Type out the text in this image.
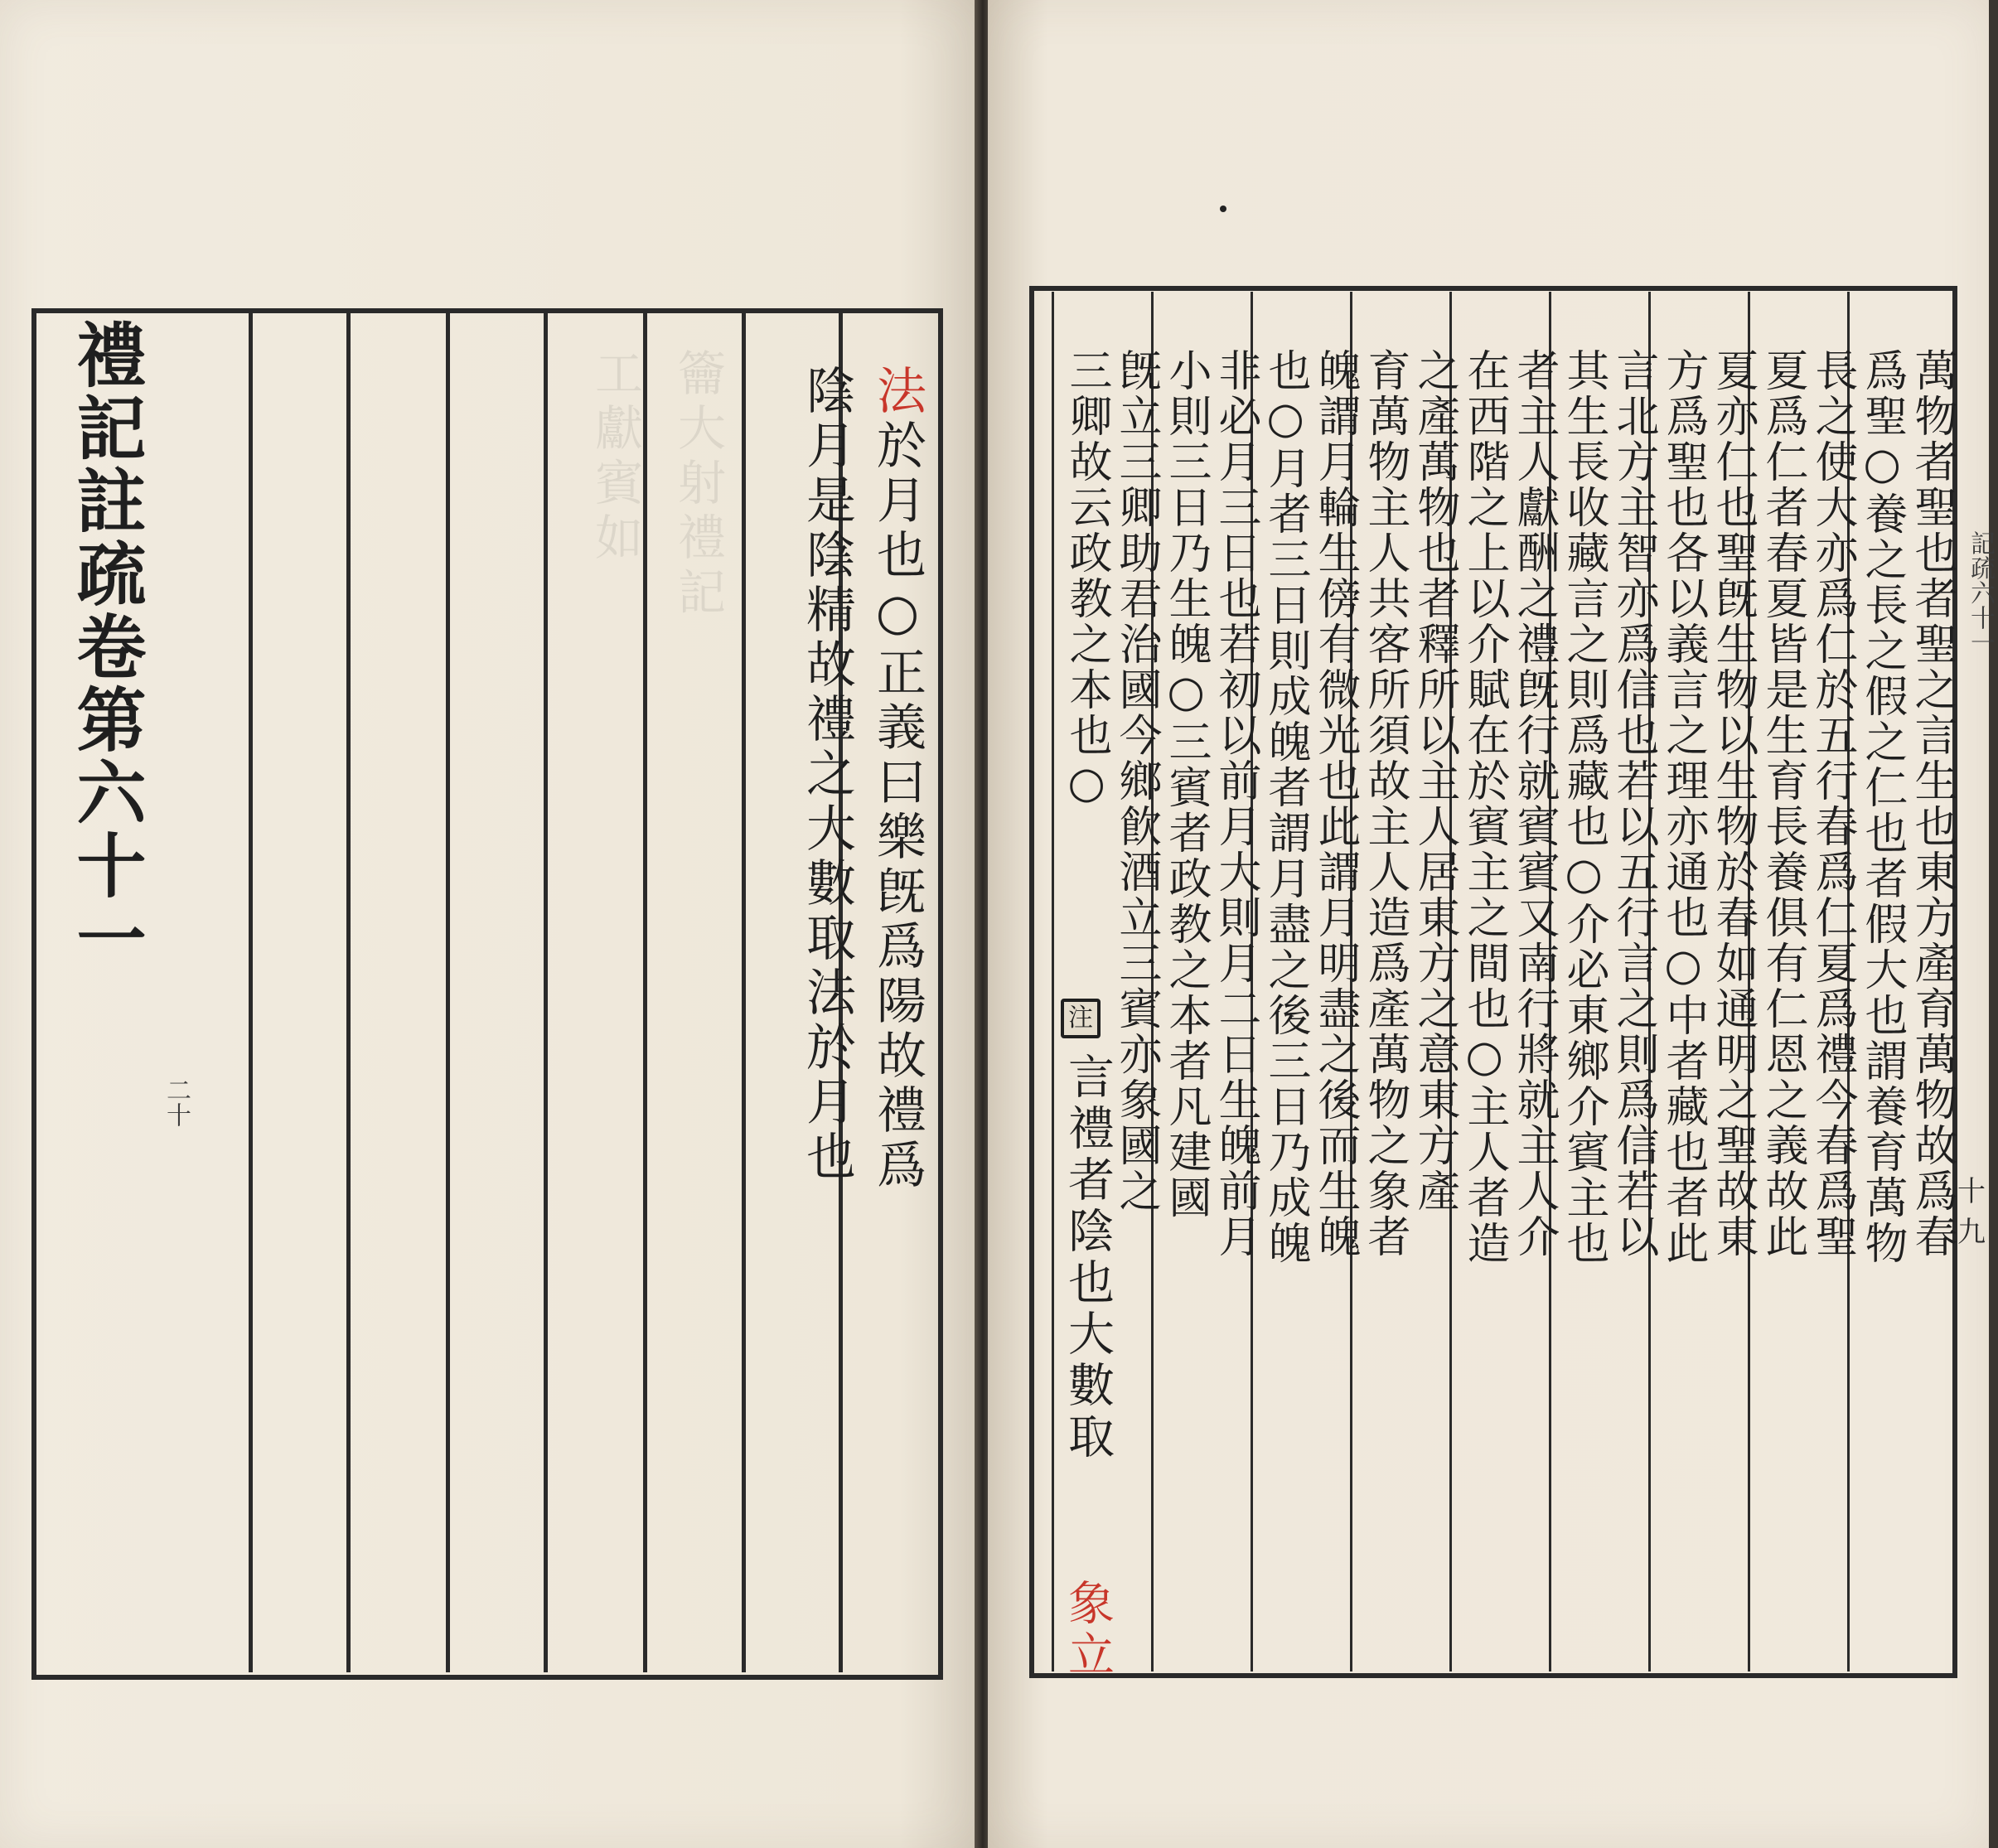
籥大射禮記
工獻賓如
禮記註疏卷第六十一
二十
法於月也○正義曰樂旣爲陽故禮爲
陰月是陰精故禮之大數取法於月也	記疏六十一
十九
萬物者聖也者聖之言生也東方產育萬物故爲春
爲聖○養之長之假之仁也者假大也謂養育萬物
長之使大亦爲仁於五行春爲仁夏爲禮今春爲聖
夏爲仁者春夏皆是生育長養俱有仁恩之義故此
夏亦仁也聖旣生物以生物於春如通明之聖故東
方爲聖也各以義言之理亦通也○中者藏也者此
言北方主智亦爲信也若以五行言之則爲信若以
其生長收藏言之則爲藏也○介必東鄉介賓主也
者主人獻酬之禮旣行就賓賓又南行將就主人介
在西階之上以介賦在於賓主之間也○主人者造
之產萬物也者釋所以主人居東方之意東方產
育萬物主人共客所須故主人造爲產萬物之象者
魄謂月輪生傍有微光也此謂月明盡之後而生魄
也○月者三日則成魄者謂月盡之後三日乃成魄
非必月三日也若初以前月大則月二日生魄前月
小則三日乃生魄○三賓者政教之本者凡建國
旣立三卿助君治國今鄉飮酒立三賓亦象國之
三卿故云政教之本也○
言禮者陰也大數取
注
象立
